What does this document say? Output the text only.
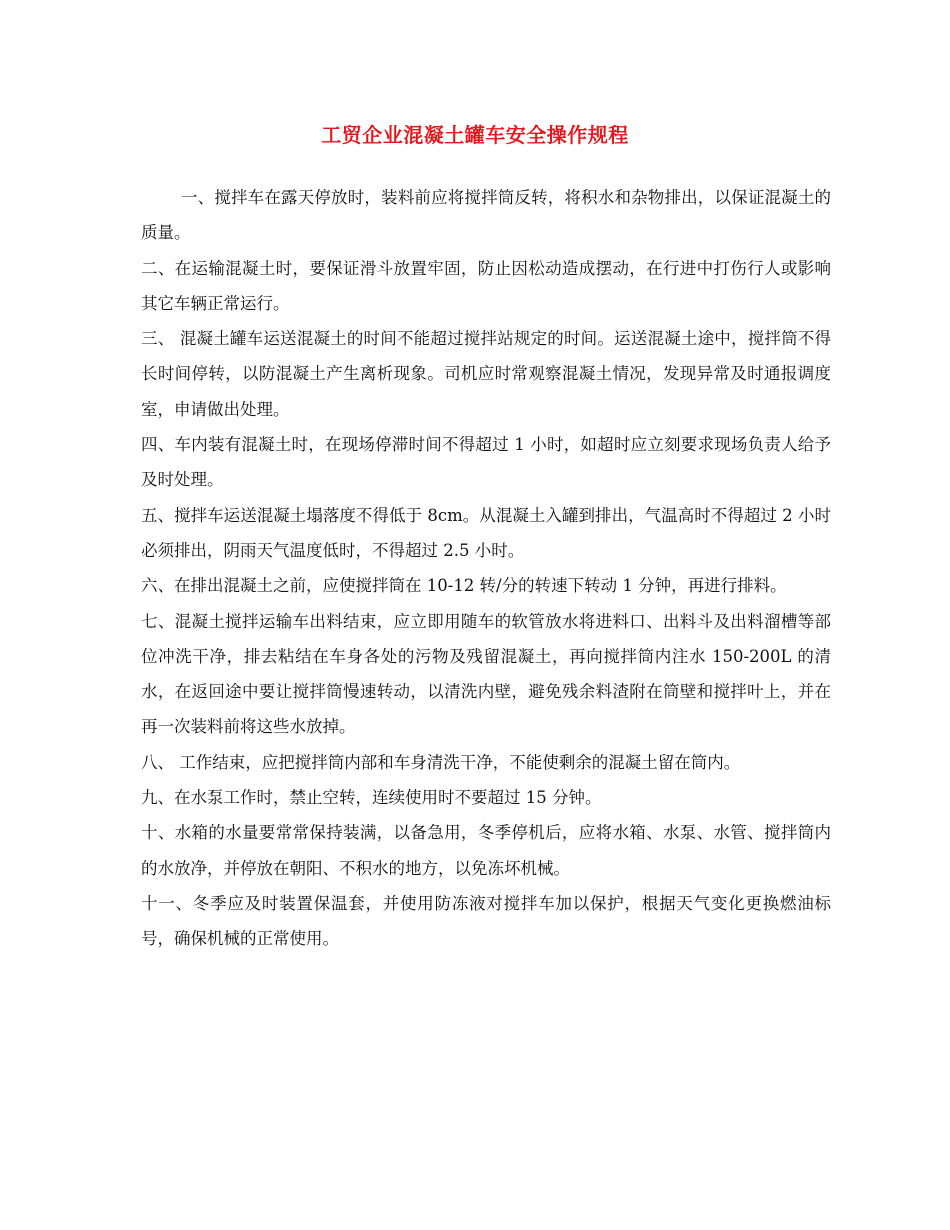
工贸企业混凝土罐车安全操作规程

一、搅拌车在露天停放时，装料前应将搅拌筒反转，将积水和杂物排出，以保证混凝土的质量。

二、在运输混凝土时，要保证滑斗放置牢固，防止因松动造成摆动，在行进中打伤行人或影响其它车辆正常运行。

三、 混凝土罐车运送混凝土的时间不能超过搅拌站规定的时间。运送混凝土途中，搅拌筒不得长时间停转，以防混凝土产生离析现象。司机应时常观察混凝土情况，发现异常及时通报调度室，申请做出处理。

四、车内装有混凝土时，在现场停滞时间不得超过 1 小时，如超时应立刻要求现场负责人给予及时处理。

五、搅拌车运送混凝土塌落度不得低于 8cm。从混凝土入罐到排出，气温高时不得超过 2 小时必须排出，阴雨天气温度低时，不得超过 2.5 小时。

六、在排出混凝土之前，应使搅拌筒在 10-12 转/分的转速下转动 1 分钟，再进行排料。

七、混凝土搅拌运输车出料结束，应立即用随车的软管放水将进料口、出料斗及出料溜槽等部位冲洗干净，排去粘结在车身各处的污物及残留混凝土，再向搅拌筒内注水 150-200L 的清水，在返回途中要让搅拌筒慢速转动，以清洗内壁，避免残余料渣附在筒壁和搅拌叶上，并在再一次装料前将这些水放掉。

八、 工作结束，应把搅拌筒内部和车身清洗干净，不能使剩余的混凝土留在筒内。

九、在水泵工作时，禁止空转，连续使用时不要超过 15 分钟。

十、水箱的水量要常常保持装满，以备急用，冬季停机后，应将水箱、水泵、水管、搅拌筒内的水放净，并停放在朝阳、不积水的地方，以免冻坏机械。

十一、冬季应及时装置保温套，并使用防冻液对搅拌车加以保护，根据天气变化更换燃油标号，确保机械的正常使用。
